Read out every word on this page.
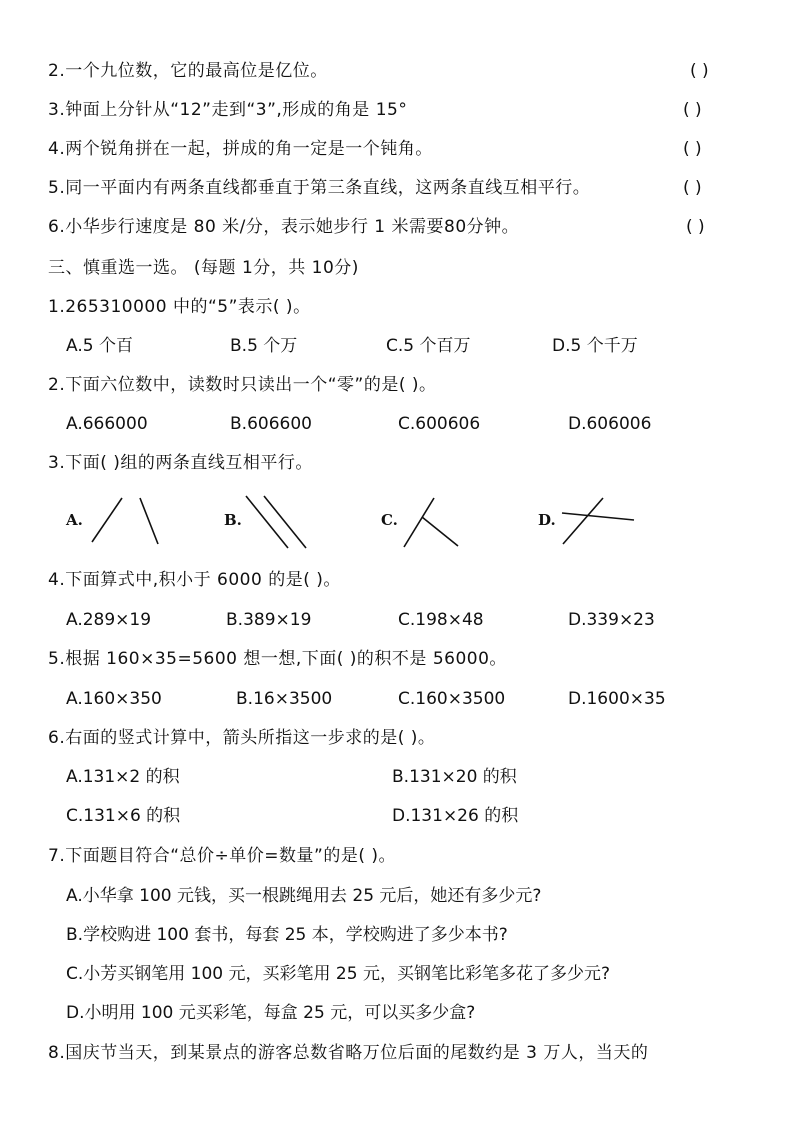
2.一个九位数，它的最高位是亿位。	( )
3.钟面上分针从“12”走到“3”,形成的角是 15°	( )
4.两个锐角拼在一起，拼成的角一定是一个钝角。	( )
5.同一平面内有两条直线都垂直于第三条直线，这两条直线互相平行。	( )
6.小华步行速度是 80 米/分，表示她步行 1 米需要80分钟。	( )
三、慎重选一选。 (每题 1分，共 10分)
1.265310000 中的“5”表示( )。
A.5 个百	B.5 个万	C.5 个百万	D.5 个千万
2.下面六位数中，读数时只读出一个“零”的是( )。
A.666000	B.606600	C.600606	D.606006
3.下面( )组的两条直线互相平行。
A.	B.	C.	D.
4.下面算式中,积小于 6000 的是( )。
A.289×19	B.389×19	C.198×48	D.339×23
5.根据 160×35=5600 想一想,下面( )的积不是 56000。
A.160×350	B.16×3500	C.160×3500	D.1600×35
6.右面的竖式计算中，箭头所指这一步求的是( )。
A.131×2 的积	B.131×20 的积
C.131×6 的积	D.131×26 的积
7.下面题目符合“总价÷单价=数量”的是( )。
A.小华拿 100 元钱，买一根跳绳用去 25 元后，她还有多少元?
B.学校购进 100 套书，每套 25 本，学校购进了多少本书?
C.小芳买钢笔用 100 元，买彩笔用 25 元，买钢笔比彩笔多花了多少元?
D.小明用 100 元买彩笔，每盒 25 元，可以买多少盒?
8.国庆节当天，到某景点的游客总数省略万位后面的尾数约是 3 万人，当天的
